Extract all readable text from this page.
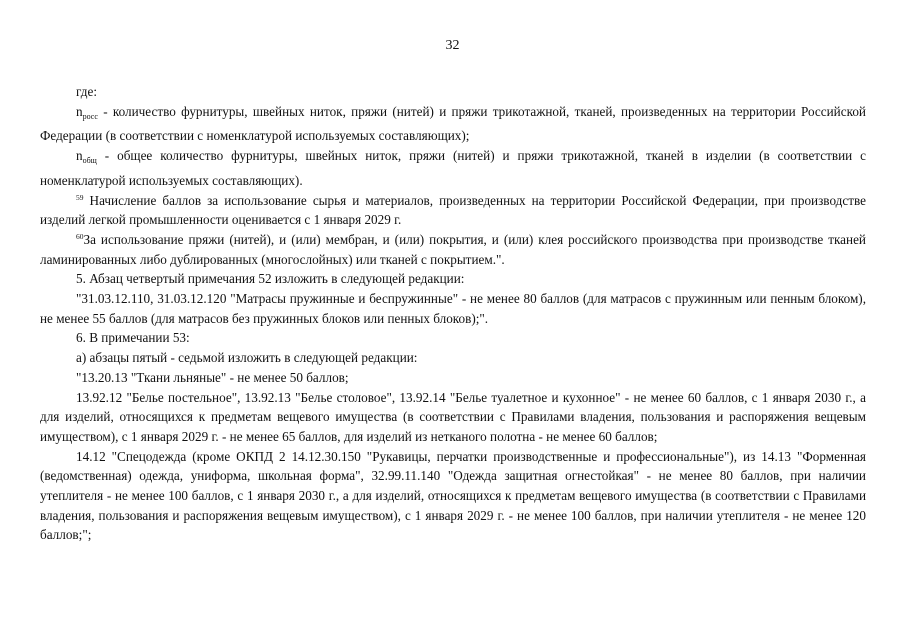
32

где:

$n_{росс}$ - количество фурнитуры, швейных ниток, пряжи (нитей) и пряжи трикотажной, тканей, произведенных на территории Российской Федерации (в соответствии с номенклатурой используемых составляющих);

$n_{общ}$ - общее количество фурнитуры, швейных ниток, пряжи (нитей) и пряжи трикотажной, тканей в изделии (в соответствии с номенклатурой используемых составляющих).

$^{59}$ Начисление баллов за использование сырья и материалов, произведенных на территории Российской Федерации, при производстве изделий легкой промышленности оценивается с 1 января 2029 г.

$^{60}$За использование пряжи (нитей), и (или) мембран, и (или) покрытия, и (или) клея российского производства при производстве тканей ламинированных либо дублированных (многослойных) или тканей с покрытием.".

5. Абзац четвертый примечания 52 изложить в следующей редакции:

"31.03.12.110, 31.03.12.120 "Матрасы пружинные и беспружинные" - не менее 80 баллов (для матрасов с пружинным или пенным блоком), не менее 55 баллов (для матрасов без пружинных блоков или пенных блоков);".

6. В примечании 53:

а) абзацы пятый - седьмой изложить в следующей редакции:

"13.20.13 "Ткани льняные" - не менее 50 баллов;

13.92.12 "Белье постельное", 13.92.13 "Белье столовое", 13.92.14 "Белье туалетное и кухонное" - не менее 60 баллов, с 1 января 2030 г., а для изделий, относящихся к предметам вещевого имущества (в соответствии с Правилами владения, пользования и распоряжения вещевым имуществом), с 1 января 2029 г. - не менее 65 баллов, для изделий из нетканого полотна - не менее 60 баллов;

14.12 "Спецодежда (кроме ОКПД 2 14.12.30.150 "Рукавицы, перчатки производственные и профессиональные"), из 14.13 "Форменная (ведомственная) одежда, униформа, школьная форма", 32.99.11.140 "Одежда защитная огнестойкая" - не менее 80 баллов, при наличии утеплителя - не менее 100 баллов, с 1 января 2030 г., а для изделий, относящихся к предметам вещевого имущества (в соответствии с Правилами владения, пользования и распоряжения вещевым имуществом), с 1 января 2029 г. - не менее 100 баллов, при наличии утеплителя - не менее 120 баллов;";
